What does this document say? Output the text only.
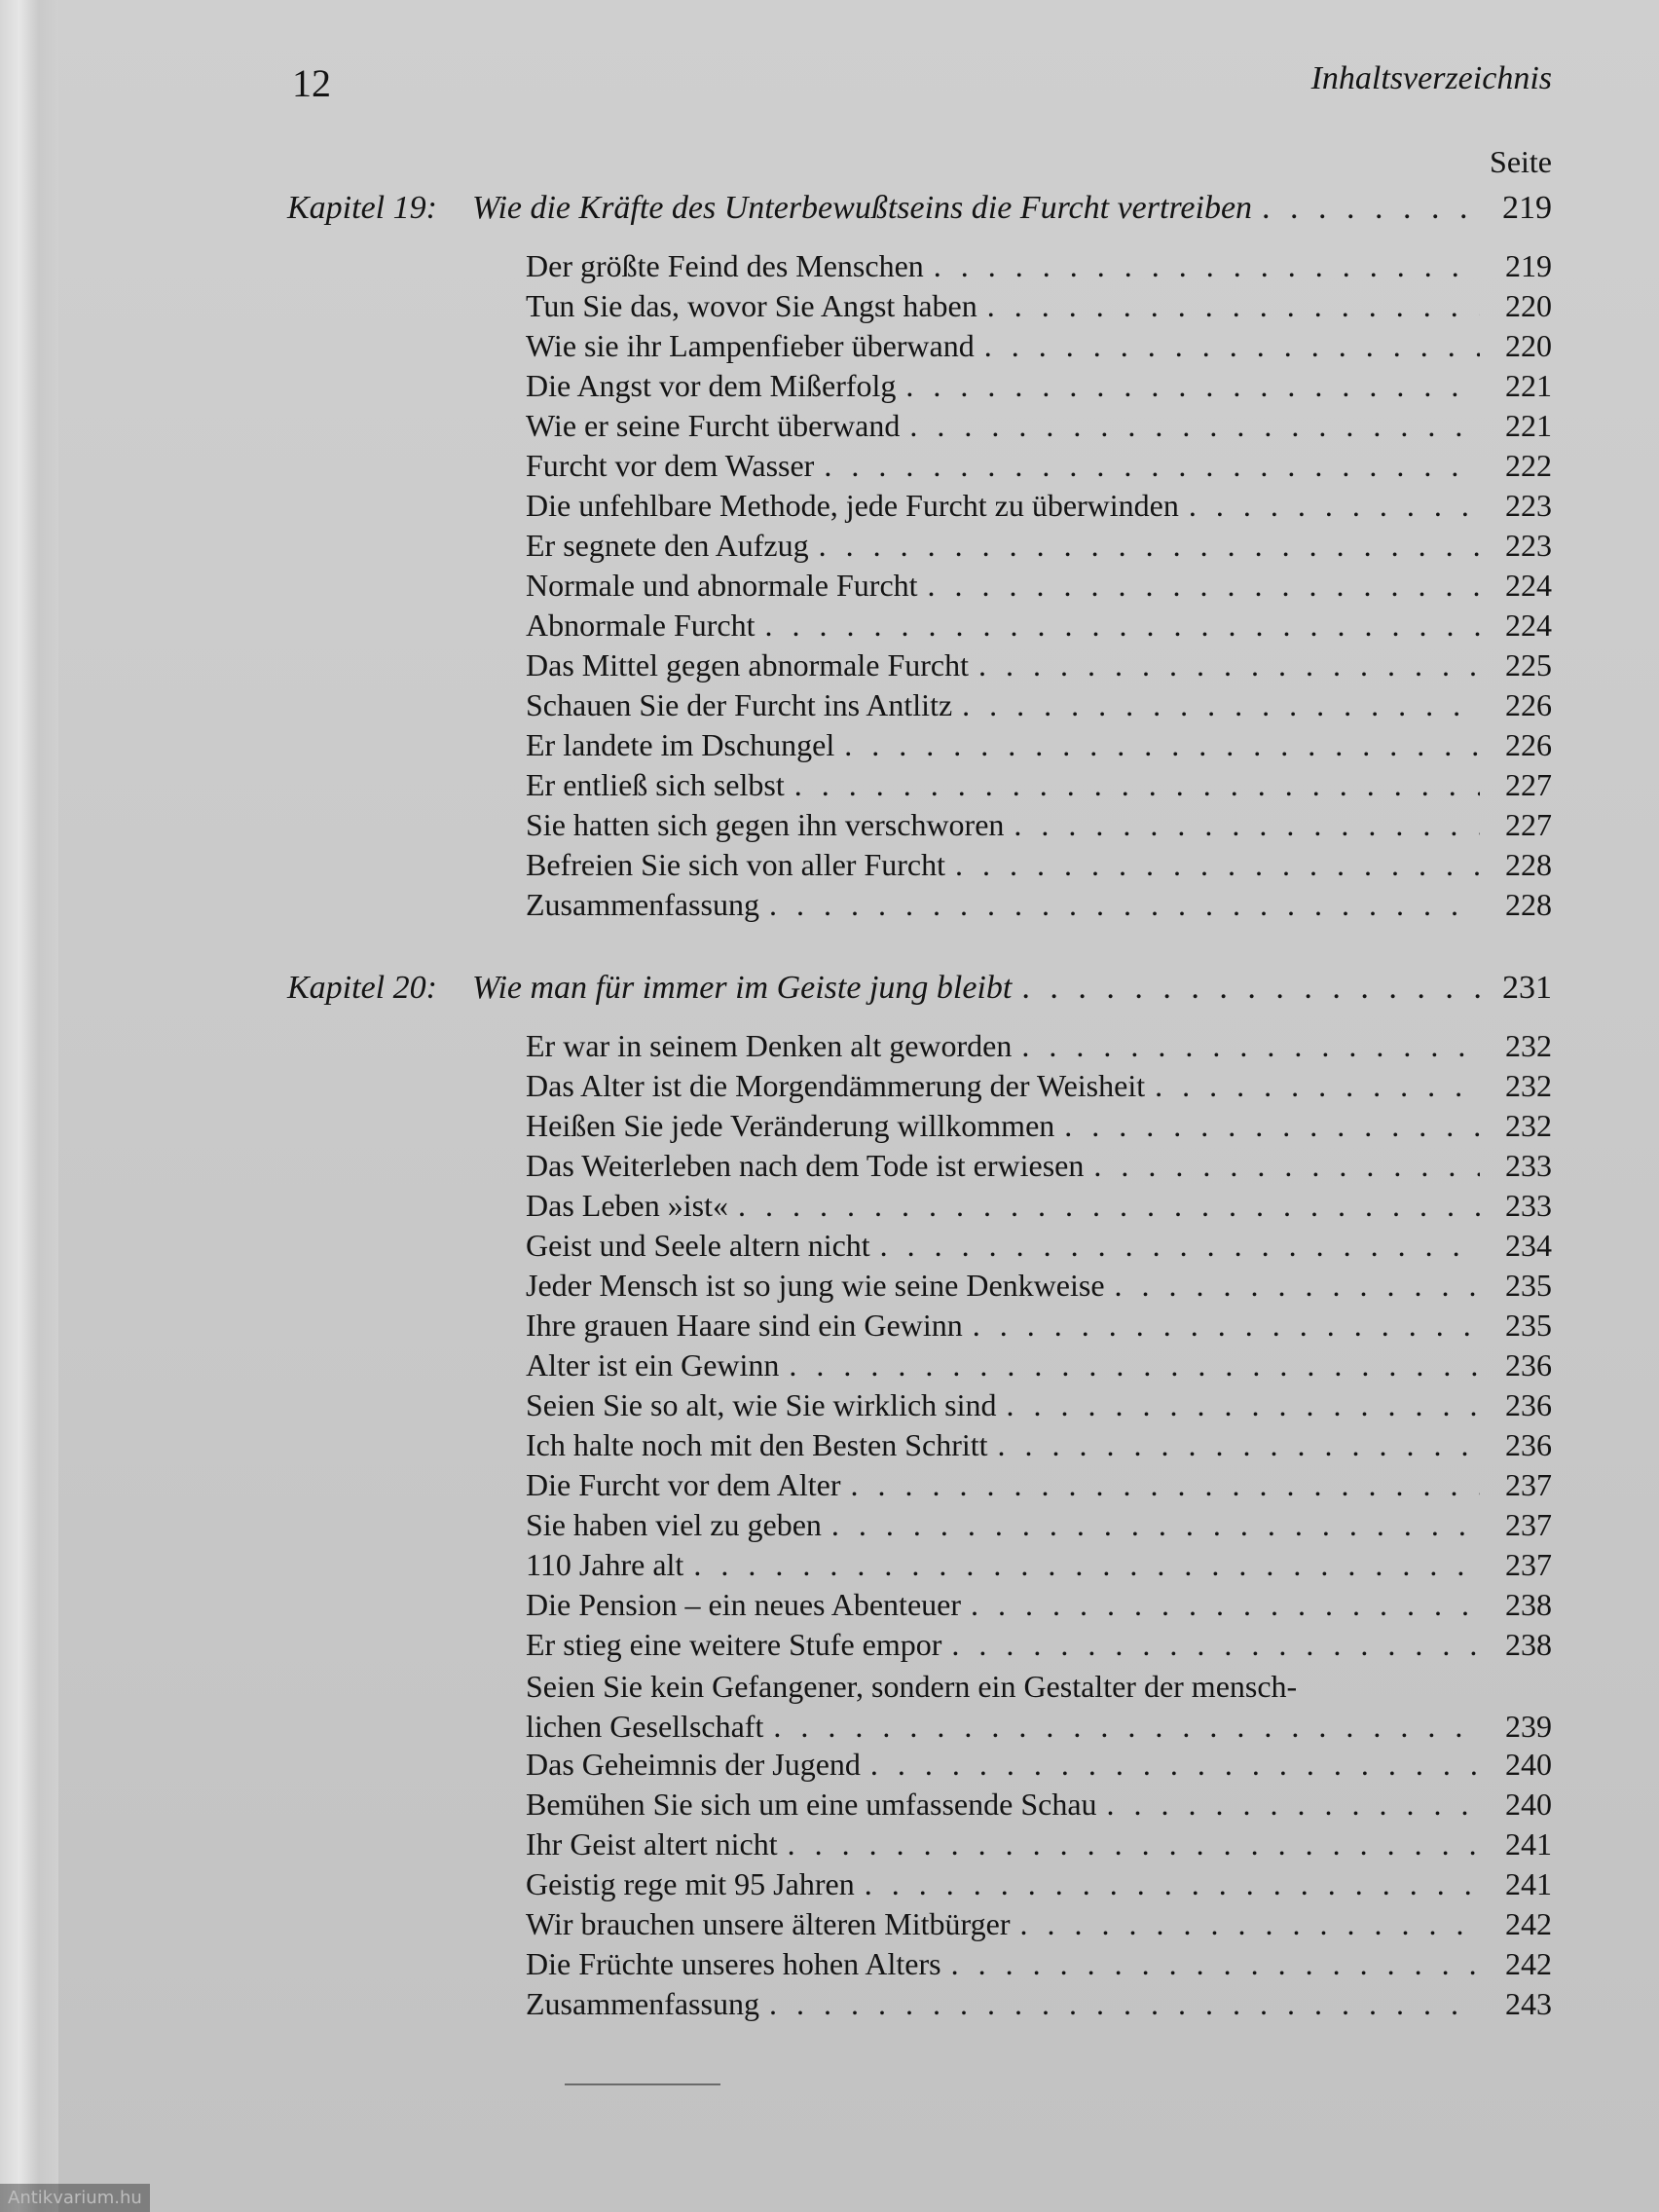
12	Inhaltsverzeichnis
Seite
Kapitel 19:	Wie die Kräfte des Unterbewußtseins die Furcht vertreiben . . .	219
Der größte Feind des Menschen . . .	219
Tun Sie das, wovor Sie Angst haben . . .	220
Wie sie ihr Lampenfieber überwand . . .	220
Die Angst vor dem Mißerfolg . . .	221
Wie er seine Furcht überwand . . .	221
Furcht vor dem Wasser . . .	222
Die unfehlbare Methode, jede Furcht zu überwinden . . .	223
Er segnete den Aufzug . . .	223
Normale und abnormale Furcht . . .	224
Abnormale Furcht . . .	224
Das Mittel gegen abnormale Furcht . . .	225
Schauen Sie der Furcht ins Antlitz . . .	226
Er landete im Dschungel . . .	226
Er entließ sich selbst . . .	227
Sie hatten sich gegen ihn verschworen . . .	227
Befreien Sie sich von aller Furcht . . .	228
Zusammenfassung . . .	228
Kapitel 20:	Wie man für immer im Geiste jung bleibt . . .	231
Er war in seinem Denken alt geworden . . .	232
Das Alter ist die Morgendämmerung der Weisheit . . .	232
Heißen Sie jede Veränderung willkommen . . .	232
Das Weiterleben nach dem Tode ist erwiesen . . .	233
Das Leben »ist« . . .	233
Geist und Seele altern nicht . . .	234
Jeder Mensch ist so jung wie seine Denkweise . . .	235
Ihre grauen Haare sind ein Gewinn . . .	235
Alter ist ein Gewinn . . .	236
Seien Sie so alt, wie Sie wirklich sind . . .	236
Ich halte noch mit den Besten Schritt . . .	236
Die Furcht vor dem Alter . . .	237
Sie haben viel zu geben . . .	237
110 Jahre alt . . .	237
Die Pension – ein neues Abenteuer . . .	238
Er stieg eine weitere Stufe empor . . .	238
Seien Sie kein Gefangener, sondern ein Gestalter der mensch-
lichen Gesellschaft . . .	239
Das Geheimnis der Jugend . . .	240
Bemühen Sie sich um eine umfassende Schau . . .	240
Ihr Geist altert nicht . . .	241
Geistig rege mit 95 Jahren . . .	241
Wir brauchen unsere älteren Mitbürger . . .	242
Die Früchte unseres hohen Alters . . .	242
Zusammenfassung . . .	243
Antikvarium.hu
